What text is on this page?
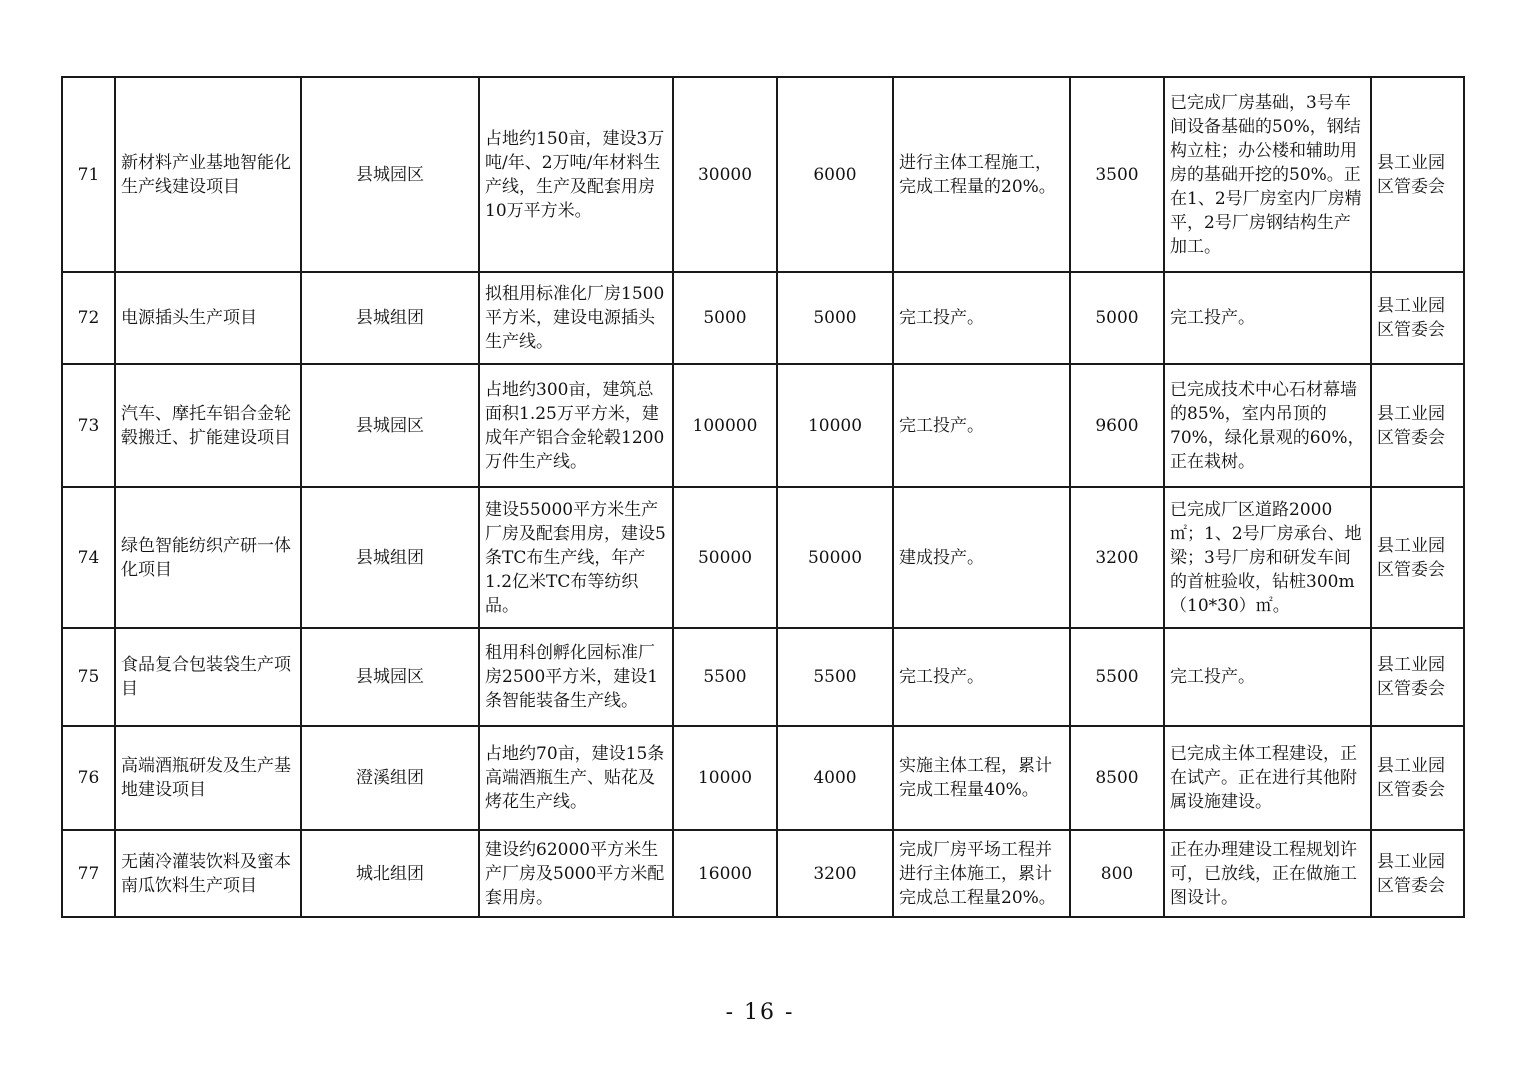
71	新材料产业基地智能化生产线建设项目	县城园区	占地约150亩，建设3万吨/年、2万吨/年材料生产线，生产及配套用房10万平方米。	30000	6000	进行主体工程施工，完成工程量的20%。	3500	已完成厂房基础，3号车间设备基础的50%，钢结构立柱；办公楼和辅助用房的基础开挖的50%。正在1、2号厂房室内厂房精平，2号厂房钢结构生产加工。	县工业园区管委会
72	电源插头生产项目	县城组团	拟租用标准化厂房1500平方米，建设电源插头生产线。	5000	5000	完工投产。	5000	完工投产。	县工业园区管委会
73	汽车、摩托车铝合金轮毂搬迁、扩能建设项目	县城园区	占地约300亩，建筑总面积1.25万平方米，建成年产铝合金轮毂1200万件生产线。	100000	10000	完工投产。	9600	已完成技术中心石材幕墙的85%，室内吊顶的70%，绿化景观的60%，正在栽树。	县工业园区管委会
74	绿色智能纺织产研一体化项目	县城组团	建设55000平方米生产厂房及配套用房，建设5条TC布生产线，年产1.2亿米TC布等纺织品。	50000	50000	建成投产。	3200	已完成厂区道路2000㎡；1、2号厂房承台、地梁；3号厂房和研发车间的首桩验收，钻桩300m（10*30）㎡。	县工业园区管委会
75	食品复合包装袋生产项目	县城园区	租用科创孵化园标准厂房2500平方米，建设1条智能装备生产线。	5500	5500	完工投产。	5500	完工投产。	县工业园区管委会
76	高端酒瓶研发及生产基地建设项目	澄溪组团	占地约70亩，建设15条高端酒瓶生产、贴花及烤花生产线。	10000	4000	实施主体工程，累计完成工程量40%。	8500	已完成主体工程建设，正在试产。正在进行其他附属设施建设。	县工业园区管委会
77	无菌冷灌装饮料及蜜本南瓜饮料生产项目	城北组团	建设约62000平方米生产厂房及5000平方米配套用房。	16000	3200	完成厂房平场工程并进行主体施工，累计完成总工程量20%。	800	正在办理建设工程规划许可，已放线，正在做施工图设计。	县工业园区管委会
- 16 -
